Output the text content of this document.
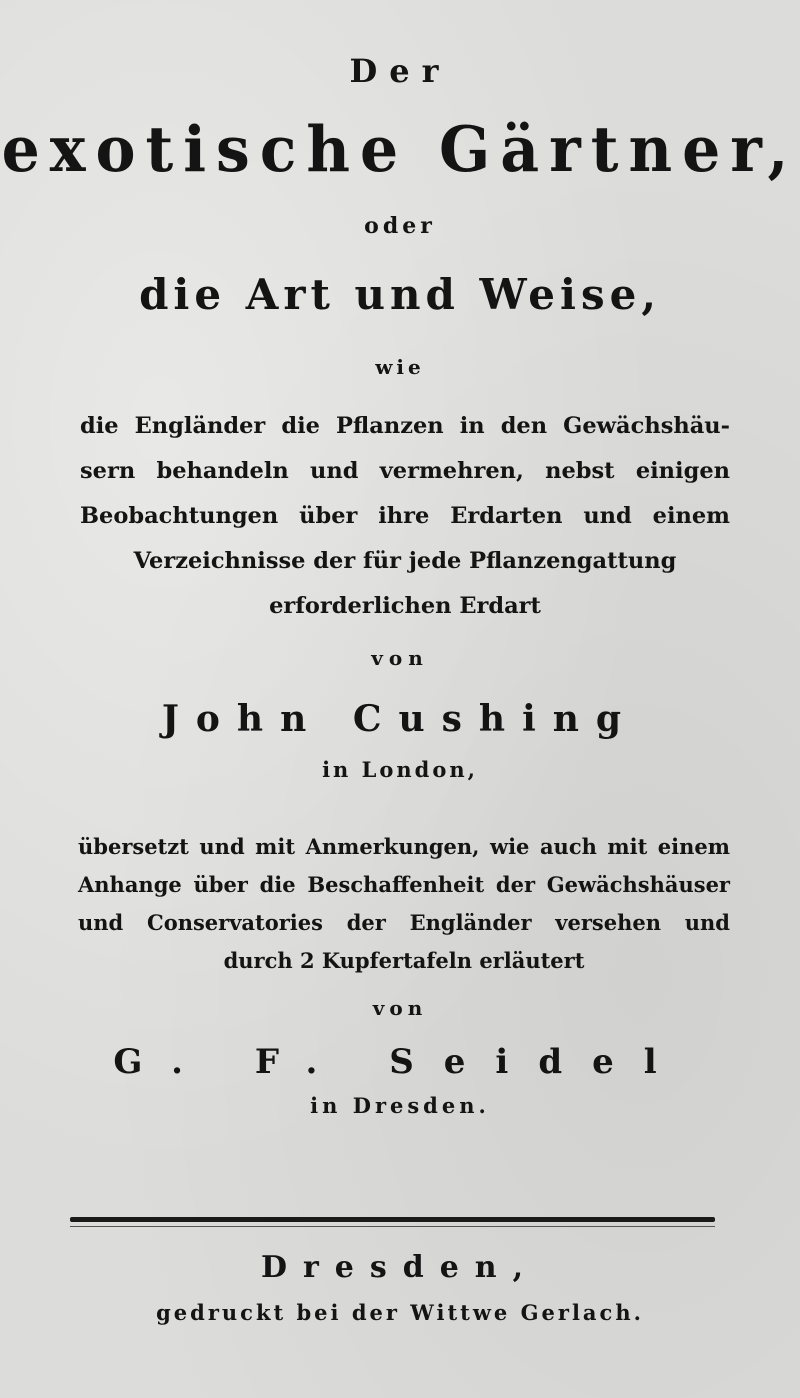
Der
exotische Gärtner,
oder
die Art und Weise,
wie
die Engländer die Pflanzen in den Gewächshäu-
sern behandeln und vermehren, nebst einigen
Beobachtungen über ihre Erdarten und einem
Verzeichnisse der für jede Pflanzengattung
erforderlichen Erdart
von
John Cushing
in London,
übersetzt und mit Anmerkungen, wie auch mit einem
Anhange über die Beschaffenheit der Gewächshäuser
und Conservatories der Engländer versehen und
durch 2 Kupfertafeln erläutert
von
G. F. Seidel
in Dresden.
Dresden,
gedruckt bei der Wittwe Gerlach.
